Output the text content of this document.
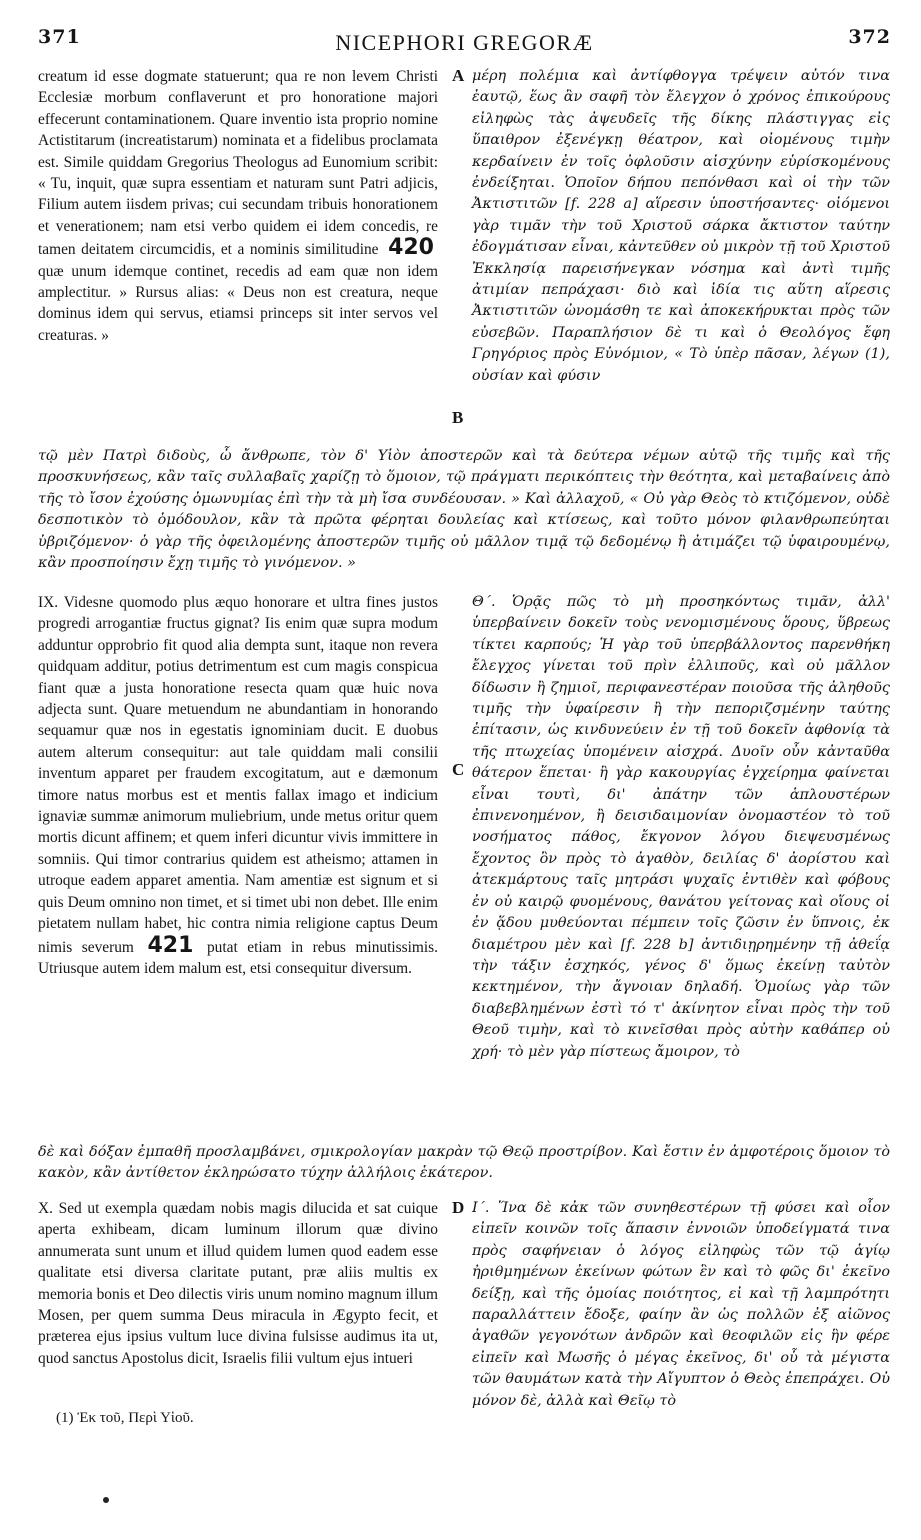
371	NICEPHORI GREGORÆ	372
creatum id esse dogmate statuerunt; qua re non levem Christi Ecclesiæ morbum conflaverunt et pro honoratione majori effecerunt contaminationem. Quare inventio ista proprio nomine Actistitarum (increatistarum) nominata et a fidelibus proclamata est. Simile quiddam Gregorius Theologus ad Eunomium scribit: « Tu, inquit, quæ supra essentiam et naturam sunt Patri adjicis, Filium autem iisdem privas; cui secundam tribuis honorationem et venerationem; nam etsi verbo quidem ei idem concedis, re tamen deitatem circumcidis, et a nominis similitudine 420 quæ unum idemque continet, recedis ad eam quæ non idem amplectitur. » Rursus alias: « Deus non est creatura, neque dominus idem qui servus, etiamsi princeps sit inter servos vel creaturas. »
A
B
μέρη πολέμια καὶ ἀντίφθογγα τρέψειν αὐτόν τινα ἑαυτῷ, ἕως ἂν σαφῆ τὸν ἔλεγχον ὁ χρόνος ἐπικούρους εἰληφὼς τὰς ἀψευδεῖς τῆς δίκης πλάστιγγας εἰς ὕπαιθρον ἐξενέγκῃ θέατρον, καὶ οἰομένους τιμὴν κερδαίνειν ἐν τοῖς ὀφλοῦσιν αἰσχύνην εὑρίσκομένους ἐνδείξηται. Ὁποῖον δήπου πεπόνθασι καὶ οἱ τὴν τῶν Ἀκτιστιτῶν [f. 228 a] αἵρεσιν ὑποστήσαντες· οἰόμενοι γὰρ τιμᾶν τὴν τοῦ Χριστοῦ σάρκα ἄκτιστον ταύτην ἐδογμάτισαν εἶναι, κἀντεῦθεν οὐ μικρὸν τῇ τοῦ Χριστοῦ Ἐκκλησίᾳ παρεισήνεγκαν νόσημα καὶ ἀντὶ τιμῆς ἀτιμίαν πεπράχασι· διὸ καὶ ἰδία τις αὕτη αἵρεσις Ἀκτιστιτῶν ὠνομάσθη τε καὶ ἀποκεκήρυκται πρὸς τῶν εὐσεβῶν. Παραπλήσιον δὲ τι καὶ ὁ Θεολόγος ἔφη Γρηγόριος πρὸς Εὐνόμιον, « Τὸ ὑπὲρ πᾶσαν, λέγων (1), οὐσίαν καὶ φύσιν
τῷ μὲν Πατρὶ διδοὺς, ὦ ἄνθρωπε, τὸν δ' Υἱὸν ἀποστερῶν καὶ τὰ δεύτερα νέμων αὐτῷ τῆς τιμῆς καὶ τῆς προσκυνήσεως, κἂν ταῖς συλλαβαῖς χαρίζῃ τὸ ὅμοιον, τῷ πράγματι περικόπτεις τὴν θεότητα, καὶ μεταβαίνεις ἀπὸ τῆς τὸ ἴσον ἐχούσης ὁμωνυμίας ἐπὶ τὴν τὰ μὴ ἴσα συνδέουσαν. » Καὶ ἀλλαχοῦ, « Οὐ γὰρ Θεὸς τὸ κτιζόμενον, οὐδὲ δεσποτικὸν τὸ ὁμόδουλον, κἂν τὰ πρῶτα φέρηται δουλείας καὶ κτίσεως, καὶ τοῦτο μόνον φιλανθρωπεύηται ὑβριζόμενον· ὁ γὰρ τῆς ὀφειλομένης ἀποστερῶν τιμῆς οὐ μᾶλλον τιμᾷ τῷ δεδομένῳ ἢ ἀτιμάζει τῷ ὑφαιρουμένῳ, κἂν προσποίησιν ἔχῃ τιμῆς τὸ γινόμενον. »
IX. Videsne quomodo plus æquo honorare et ultra fines justos progredi arrogantiæ fructus gignat? Iis enim quæ supra modum adduntur opprobrio fit quod alia dempta sunt, itaque non revera quidquam additur, potius detrimentum est cum magis conspicua fiant quæ a justa honoratione resecta quam quæ huic nova adjecta sunt. Quare metuendum ne abundantiam in honorando sequamur quæ nos in egestatis ignominiam ducit. E duobus autem alterum consequitur: aut tale quiddam mali consilii inventum apparet per fraudem excogitatum, aut e dæmonum timore natus morbus est et mentis fallax imago et indicium ignaviæ summæ animorum muliebrium, unde metus oritur quem mortis dicunt affinem; et quem inferi dicuntur vivis immittere in somniis. Qui timor contrarius quidem est atheismo; attamen in utroque eadem apparet amentia. Nam amentiæ est signum et si quis Deum omnino non timet, et si timet ubi non debet. Ille enim pietatem nullam habet, hic contra nimia religione captus Deum nimis severum 421 putat etiam in rebus minutissimis. Utriusque autem idem malum est, etsi consequitur diversum.
C
Θ΄. Ὁρᾷς πῶς τὸ μὴ προσηκόντως τιμᾶν, ἀλλ' ὑπερβαίνειν δοκεῖν τοὺς νενομισμένους ὅρους, ὕβρεως τίκτει καρπούς; Ἡ γὰρ τοῦ ὑπερβάλλοντος παρενθήκη ἔλεγχος γίνεται τοῦ πρὶν ἐλλιποῦς, καὶ οὐ μᾶλλον δίδωσιν ἢ ζημιοῖ, περιφανεστέραν ποιοῦσα τῆς ἀληθοῦς τιμῆς τὴν ὑφαίρεσιν ἢ τὴν πεποριζσμένην ταύτης ἐπίτασιν, ὡς κινδυνεύειν ἐν τῇ τοῦ δοκεῖν ἀφθονίᾳ τὰ τῆς πτωχείας ὑπομένειν αἰσχρά. Δυοῖν οὖν κἀνταῦθα θάτερον ἕπεται· ἢ γὰρ κακουργίας ἐγχείρημα φαίνεται εἶναι τουτὶ, δι' ἀπάτην τῶν ἁπλουστέρων ἐπινενοημένον, ἢ δεισιδαιμονίαν ὀνομαστέον τὸ τοῦ νοσήματος πάθος, ἔκγονον λόγου διεψευσμένως ἔχοντος ὂν πρὸς τὸ ἀγαθὸν, δειλίας δ' ἀορίστου καὶ ἀτεκμάρτους ταῖς μητράσι ψυχαῖς ἐντιθὲν καὶ φόβους ἐν οὐ καιρῷ φυομένους, θανάτου γείτονας καὶ οἵους οἱ ἐν ᾅδου μυθεύονται πέμπειν τοῖς ζῶσιν ἐν ὕπνοις, ἐκ διαμέτρου μὲν καὶ [f. 228 b] ἀντιδιῃρημένην τῇ ἀθεΐᾳ τὴν τάξιν ἐσχηκός, γένος δ' ὅμως ἐκείνῃ ταὐτὸν κεκτημένον, τὴν ἄγνοιαν δηλαδή. Ὁμοίως γὰρ τῶν διαβεβλημένων ἐστὶ τό τ' ἀκίνητον εἶναι πρὸς τὴν τοῦ Θεοῦ τιμὴν, καὶ τὸ κινεῖσθαι πρὸς αὐτὴν καθάπερ οὐ χρή· τὸ μὲν γὰρ πίστεως ἄμοιρον, τὸ
δὲ καὶ δόξαν ἐμπαθῆ προσλαμβάνει, σμικρολογίαν μακρὰν τῷ Θεῷ προστρίβον. Καὶ ἔστιν ἐν ἀμφοτέροις ὅμοιον τὸ κακὸν, κἂν ἀντίθετον ἐκληρώσατο τύχην ἀλλήλοις ἑκάτερον.
X. Sed ut exempla quædam nobis magis dilucida et sat cuique aperta exhibeam, dicam luminum illorum quæ divino annumerata sunt unum et illud quidem lumen quod eadem esse qualitate etsi diversa claritate putant, præ aliis multis ex memoria bonis et Deo dilectis viris unum nomino magnum illum Mosen, per quem summa Deus miracula in Ægypto fecit, et præterea ejus ipsius vultum luce divina fulsisse audimus ita ut, quod sanctus Apostolus dicit, Israelis filii vultum ejus intueri
D Ι΄. Ἵνα δὲ κἀκ τῶν συνηθεστέρων τῇ φύσει καὶ οἷον εἰπεῖν κοινῶν τοῖς ἅπασιν ἐννοιῶν ὑποδείγματά τινα πρὸς σαφήνειαν ὁ λόγος εἰληφὼς τῶν τῷ ἁγίῳ ἠριθμημένων ἐκείνων φώτων ἓν καὶ τὸ φῶς δι' ἐκεῖνο δείξῃ, καὶ τῆς ὁμοίας ποιότητος, εἰ καὶ τῇ λαμπρότητι παραλλάττειν ἔδοξε, φαίην ἂν ὡς πολλῶν ἐξ αἰῶνος ἀγαθῶν γεγονότων ἀνδρῶν καὶ θεοφιλῶν εἰς ἣν φέρε εἰπεῖν καὶ Μωσῆς ὁ μέγας ἐκεῖνος, δι' οὗ τὰ μέγιστα τῶν θαυμάτων κατὰ τὴν Αἴγυπτον ὁ Θεὸς ἐπεπράχει. Οὐ μόνον δὲ, ἀλλὰ καὶ Θεῖῳ τὸ
(1) Ἐκ τοῦ, Περὶ Υἱοῦ.
